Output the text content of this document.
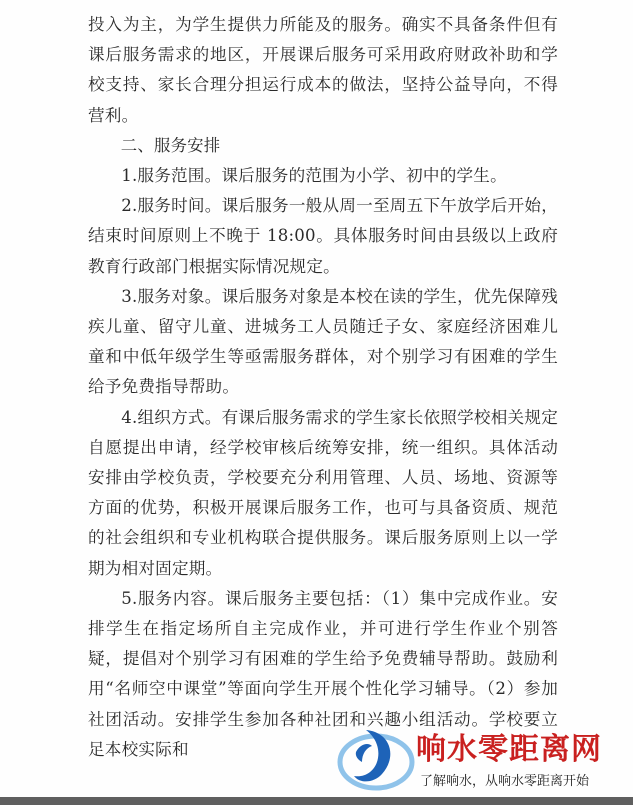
投入为主，为学生提供力所能及的服务。确实不具备条件但有课后服务需求的地区，开展课后服务可采用政府财政补助和学校支持、家长合理分担运行成本的做法，坚持公益导向，不得营利。

二、服务安排

1.服务范围。课后服务的范围为小学、初中的学生。

2.服务时间。课后服务一般从周一至周五下午放学后开始，结束时间原则上不晚于 18:00。具体服务时间由县级以上政府教育行政部门根据实际情况规定。

3.服务对象。课后服务对象是本校在读的学生，优先保障残疾儿童、留守儿童、进城务工人员随迁子女、家庭经济困难儿童和中低年级学生等亟需服务群体，对个别学习有困难的学生给予免费指导帮助。

4.组织方式。有课后服务需求的学生家长依照学校相关规定自愿提出申请，经学校审核后统筹安排，统一组织。具体活动安排由学校负责，学校要充分利用管理、人员、场地、资源等方面的优势，积极开展课后服务工作，也可与具备资质、规范的社会组织和专业机构联合提供服务。课后服务原则上以一学期为相对固定期。

5.服务内容。课后服务主要包括：（1）集中完成作业。安排学生在指定场所自主完成作业，并可进行学生作业个别答疑，提倡对个别学习有困难的学生给予免费辅导帮助。鼓励利用“名师空中课堂”等面向学生开展个性化学习辅导。（2）参加社团活动。安排学生参加各种社团和兴趣小组活动。学校要立足本校实际和	响水零距离网
了解响水，从响水零距离开始
